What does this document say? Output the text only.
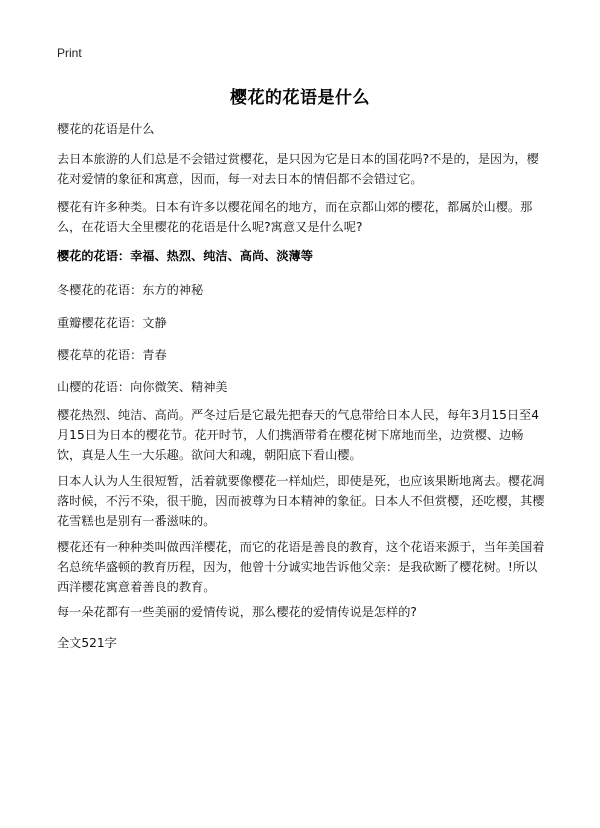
Print
樱花的花语是什么

樱花的花语是什么

去日本旅游的人们总是不会错过赏樱花，是只因为它是日本的国花吗?不是的，是因为，樱花对爱情的象征和寓意，因而，每一对去日本的情侣都不会错过它。

樱花有许多种类。日本有许多以樱花闻名的地方，而在京都山郊的樱花，都属於山樱。那么，在花语大全里樱花的花语是什么呢?寓意又是什么呢?

樱花的花语：幸福、热烈、纯洁、高尚、淡薄等

冬樱花的花语：东方的神秘

重瓣樱花花语：文静

樱花草的花语：青春

山樱的花语：向你微笑、精神美

樱花热烈、纯洁、高尚。严冬过后是它最先把春天的气息带给日本人民，每年3月15日至4月15日为日本的樱花节。花开时节，人们携酒带肴在樱花树下席地而坐，边赏樱、边畅饮，真是人生一大乐趣。欲问大和魂，朝阳底下看山樱。

日本人认为人生很短暂，活着就要像樱花一样灿烂，即使是死，也应该果断地离去。樱花凋落时候，不污不染，很干脆，因而被尊为日本精神的象征。日本人不但赏樱，还吃樱，其樱花雪糕也是别有一番滋味的。

樱花还有一种种类叫做西洋樱花，而它的花语是善良的教育，这个花语来源于，当年美国着名总统华盛顿的教育历程，因为，他曾十分诚实地告诉他父亲：是我砍断了樱花树。!所以西洋樱花寓意着善良的教育。

每一朵花都有一些美丽的爱情传说，那么樱花的爱情传说是怎样的?

全文521字
